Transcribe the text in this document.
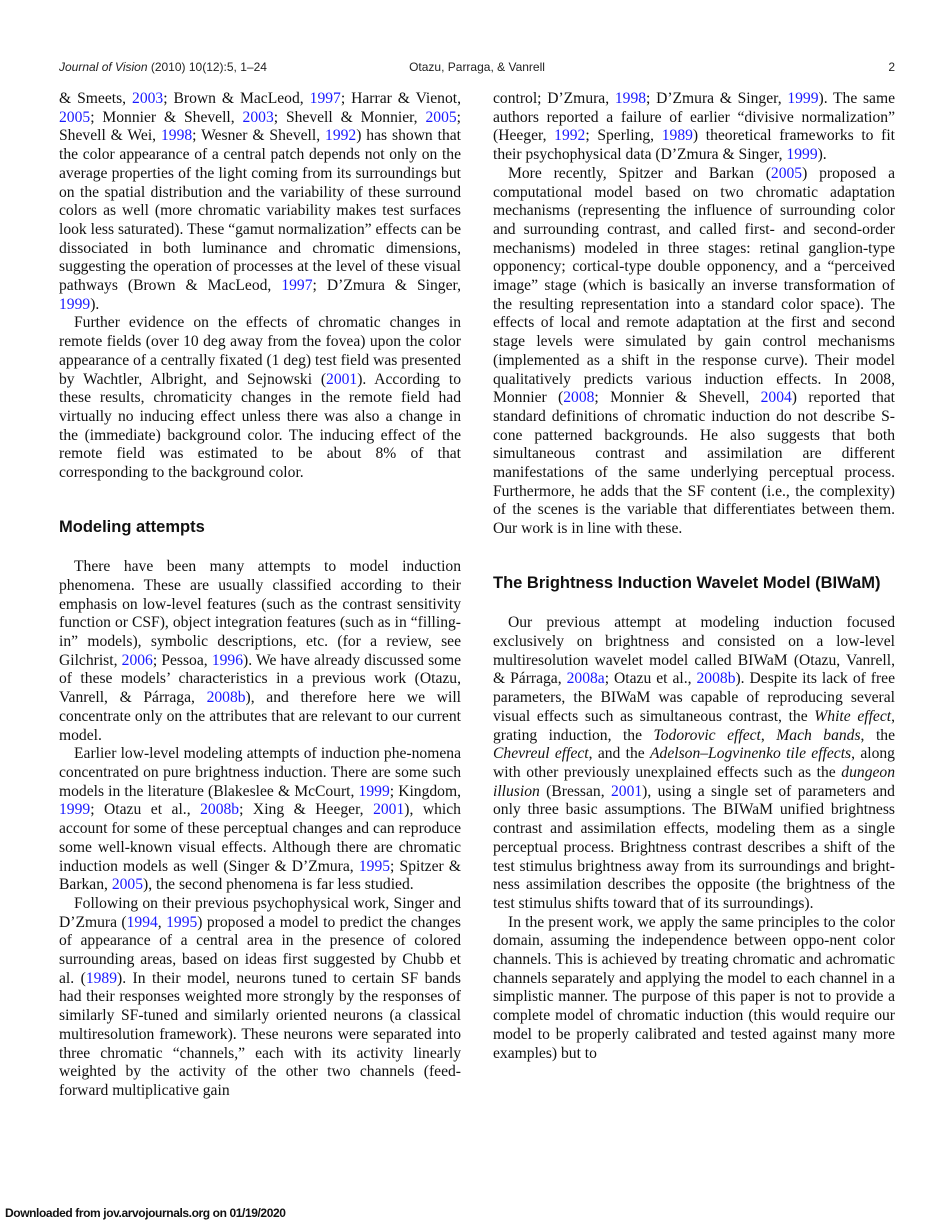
Journal of Vision (2010) 10(12):5, 1–24	Otazu, Parraga, & Vanrell	2

& Smeets, 2003; Brown & MacLeod, 1997; Harrar & Vienot, 2005; Monnier & Shevell, 2003; Shevell & Monnier, 2005; Shevell & Wei, 1998; Wesner & Shevell, 1992) has shown that the color appearance of a central patch depends not only on the average properties of the light coming from its surroundings but on the spatial distribution and the variability of these surround colors as well (more chromatic variability makes test surfaces look less saturated). These “gamut normalization” effects can be dissociated in both luminance and chromatic dimensions, suggesting the operation of processes at the level of these visual pathways (Brown & MacLeod, 1997; D’Zmura & Singer, 1999).

Further evidence on the effects of chromatic changes in remote fields (over 10 deg away from the fovea) upon the color appearance of a centrally fixated (1 deg) test field was presented by Wachtler, Albright, and Sejnowski (2001). According to these results, chromaticity changes in the remote field had virtually no inducing effect unless there was also a change in the (immediate) background color. The inducing effect of the remote field was estimated to be about 8% of that corresponding to the background color.

Modeling attempts

There have been many attempts to model induction phenomena. These are usually classified according to their emphasis on low-level features (such as the contrast sensitivity function or CSF), object integration features (such as in “filling-in” models), symbolic descriptions, etc. (for a review, see Gilchrist, 2006; Pessoa, 1996). We have already discussed some of these models’ characteristics in a previous work (Otazu, Vanrell, & Párraga, 2008b), and therefore here we will concentrate only on the attributes that are relevant to our current model.

Earlier low-level modeling attempts of induction phe-nomena concentrated on pure brightness induction. There are some such models in the literature (Blakeslee & McCourt, 1999; Kingdom, 1999; Otazu et al., 2008b; Xing & Heeger, 2001), which account for some of these perceptual changes and can reproduce some well-known visual effects. Although there are chromatic induction models as well (Singer & D’Zmura, 1995; Spitzer & Barkan, 2005), the second phenomena is far less studied.

Following on their previous psychophysical work, Singer and D’Zmura (1994, 1995) proposed a model to predict the changes of appearance of a central area in the presence of colored surrounding areas, based on ideas first suggested by Chubb et al. (1989). In their model, neurons tuned to certain SF bands had their responses weighted more strongly by the responses of similarly SF-tuned and similarly oriented neurons (a classical multiresolution framework). These neurons were separated into three chromatic “channels,” each with its activity linearly weighted by the activity of the other two channels (feed-forward multiplicative gain

control; D’Zmura, 1998; D’Zmura & Singer, 1999). The same authors reported a failure of earlier “divisive normalization” (Heeger, 1992; Sperling, 1989) theoretical frameworks to fit their psychophysical data (D’Zmura & Singer, 1999).

More recently, Spitzer and Barkan (2005) proposed a computational model based on two chromatic adaptation mechanisms (representing the influence of surrounding color and surrounding contrast, and called first- and second-order mechanisms) modeled in three stages: retinal ganglion-type opponency; cortical-type double opponency, and a “perceived image” stage (which is basically an inverse transformation of the resulting representation into a standard color space). The effects of local and remote adaptation at the first and second stage levels were simulated by gain control mechanisms (implemented as a shift in the response curve). Their model qualitatively predicts various induction effects. In 2008, Monnier (2008; Monnier & Shevell, 2004) reported that standard definitions of chromatic induction do not describe S-cone patterned backgrounds. He also suggests that both simultaneous contrast and assimilation are different manifestations of the same underlying perceptual process. Furthermore, he adds that the SF content (i.e., the complexity) of the scenes is the variable that differentiates between them. Our work is in line with these.

The Brightness Induction Wavelet Model (BIWaM)

Our previous attempt at modeling induction focused exclusively on brightness and consisted on a low-level multiresolution wavelet model called BIWaM (Otazu, Vanrell, & Párraga, 2008a; Otazu et al., 2008b). Despite its lack of free parameters, the BIWaM was capable of reproducing several visual effects such as simultaneous contrast, the White effect, grating induction, the Todorovic effect, Mach bands, the Chevreul effect, and the Adelson–Logvinenko tile effects, along with other previously unexplained effects such as the dungeon illusion (Bressan, 2001), using a single set of parameters and only three basic assumptions. The BIWaM unified brightness contrast and assimilation effects, modeling them as a single perceptual process. Brightness contrast describes a shift of the test stimulus brightness away from its surroundings and bright-ness assimilation describes the opposite (the brightness of the test stimulus shifts toward that of its surroundings).

In the present work, we apply the same principles to the color domain, assuming the independence between oppo-nent color channels. This is achieved by treating chromatic and achromatic channels separately and applying the model to each channel in a simplistic manner. The purpose of this paper is not to provide a complete model of chromatic induction (this would require our model to be properly calibrated and tested against many more examples) but to

Downloaded from jov.arvojournals.org on 01/19/2020
